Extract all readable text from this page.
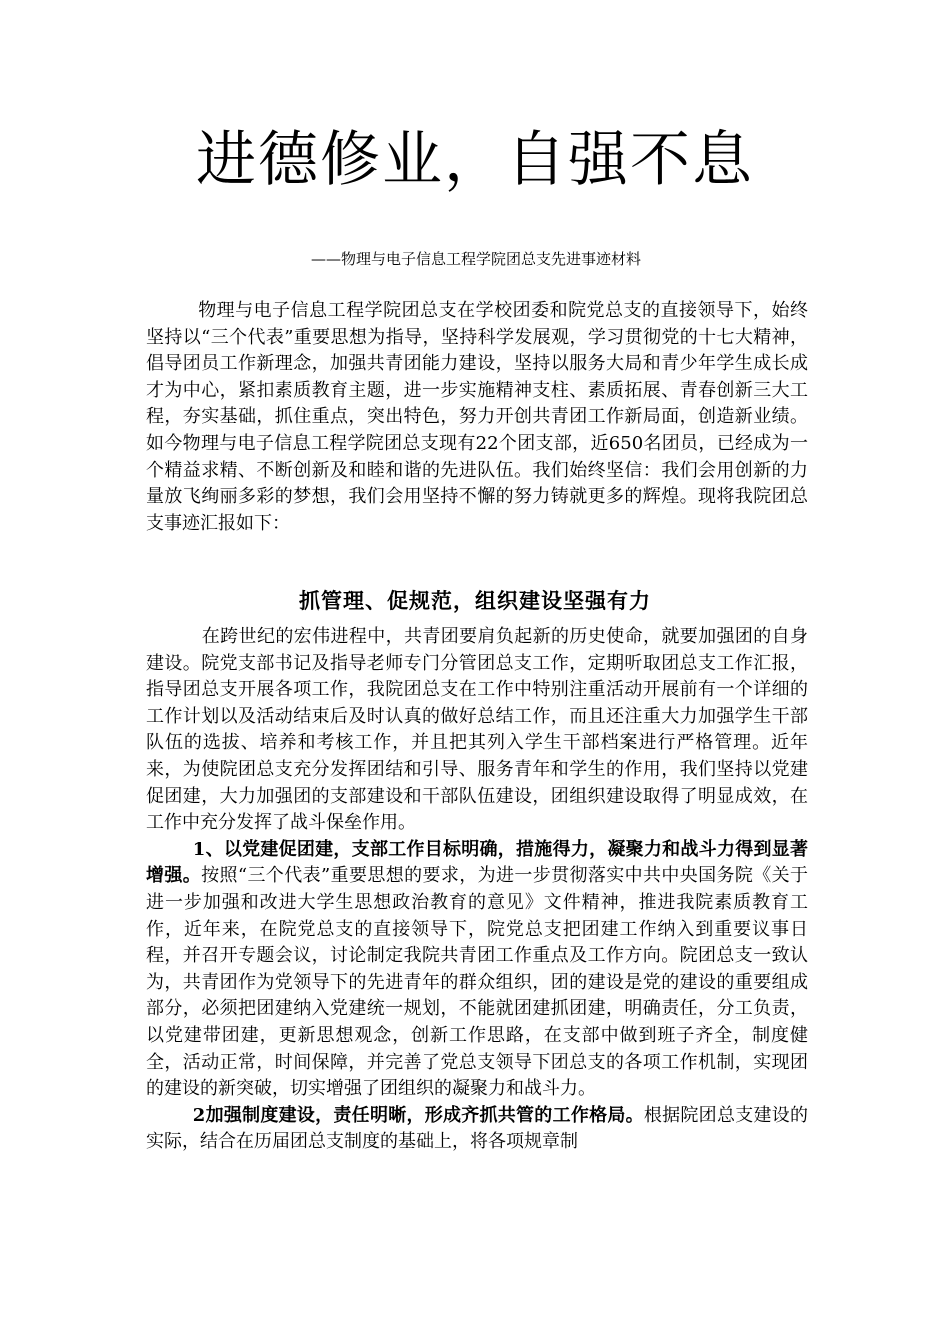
进德修业，自强不息

——物理与电子信息工程学院团总支先进事迹材料

物理与电子信息工程学院团总支在学校团委和院党总支的直接领导下，始终坚持以“三个代表”重要思想为指导，坚持科学发展观，学习贯彻党的十七大精神，倡导团员工作新理念，加强共青团能力建设，坚持以服务大局和青少年学生成长成才为中心，紧扣素质教育主题，进一步实施精神支柱、素质拓展、青春创新三大工程，夯实基础，抓住重点，突出特色，努力开创共青团工作新局面，创造新业绩。如今物理与电子信息工程学院团总支现有22个团支部，近650名团员，已经成为一个精益求精、不断创新及和睦和谐的先进队伍。我们始终坚信：我们会用创新的力量放飞绚丽多彩的梦想，我们会用坚持不懈的努力铸就更多的辉煌。现将我院团总支事迹汇报如下：

抓管理、促规范，组织建设坚强有力

在跨世纪的宏伟进程中，共青团要肩负起新的历史使命，就要加强团的自身建设。院党支部书记及指导老师专门分管团总支工作，定期听取团总支工作汇报，指导团总支开展各项工作，我院团总支在工作中特别注重活动开展前有一个详细的工作计划以及活动结束后及时认真的做好总结工作，而且还注重大力加强学生干部队伍的选拔、培养和考核工作，并且把其列入学生干部档案进行严格管理。近年来，为使院团总支充分发挥团结和引导、服务青年和学生的作用，我们坚持以党建促团建，大力加强团的支部建设和干部队伍建设，团组织建设取得了明显成效，在工作中充分发挥了战斗保垒作用。

1、以党建促团建，支部工作目标明确，措施得力，凝聚力和战斗力得到显著增强。按照“三个代表”重要思想的要求，为进一步贯彻落实中共中央国务院《关于进一步加强和改进大学生思想政治教育的意见》文件精神，推进我院素质教育工作，近年来，在院党总支的直接领导下，院党总支把团建工作纳入到重要议事日程，并召开专题会议，讨论制定我院共青团工作重点及工作方向。院团总支一致认为，共青团作为党领导下的先进青年的群众组织，团的建设是党的建设的重要组成部分，必须把团建纳入党建统一规划，不能就团建抓团建，明确责任，分工负责，以党建带团建，更新思想观念，创新工作思路，在支部中做到班子齐全，制度健全，活动正常，时间保障，并完善了党总支领导下团总支的各项工作机制，实现团的建设的新突破，切实增强了团组织的凝聚力和战斗力。

2加强制度建设，责任明晰，形成齐抓共管的工作格局。根据院团总支建设的实际，结合在历届团总支制度的基础上，将各项规章制
